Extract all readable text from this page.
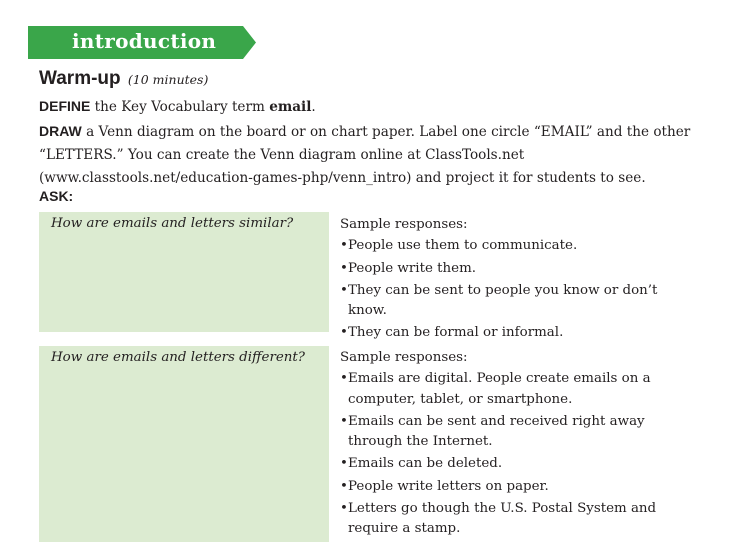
introduction
Warm-up (10 minutes)
DEFINE the Key Vocabulary term email.
DRAW a Venn diagram on the board or on chart paper. Label one circle “EMAIL” and the other “LETTERS.” You can create the Venn diagram online at ClassTools.net (www.classtools.net/education-games-php/venn_intro) and project it for students to see.
ASK:
How are emails and letters similar?	Sample responses:
• People use them to communicate.
• People write them.
• They can be sent to people you know or don’t know.
• They can be formal or informal.
How are emails and letters different?	Sample responses:
• Emails are digital. People create emails on a computer, tablet, or smartphone.
• Emails can be sent and received right away through the Internet.
• Emails can be deleted.
• People write letters on paper.
• Letters go though the U.S. Postal System and require a stamp.
